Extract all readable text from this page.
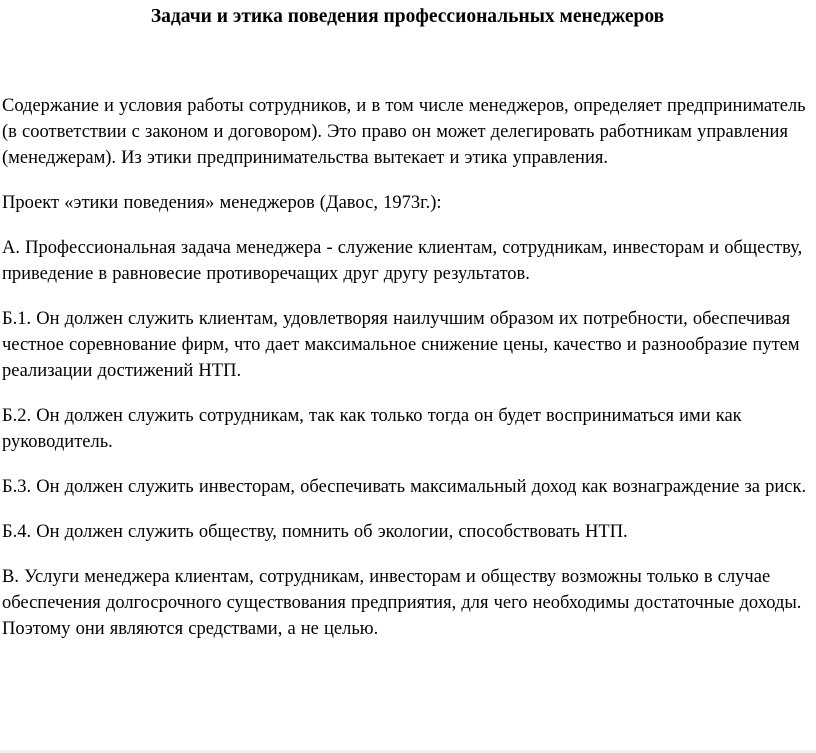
Задачи и этика поведения профессиональных менеджеров

Содержание и условия работы сотрудников, и в том числе менеджеров, определяет предприниматель (в соответствии с законом и договором). Это право он может делегировать работникам управления (менеджерам). Из этики предпринимательства вытекает и этика управления.

Проект «этики поведения» менеджеров (Давос, 1973г.):

А. Профессиональная задача менеджера - служение клиентам, сотрудникам, инвесторам и обществу, приведение в равновесие противоречащих друг другу результатов.

Б.1. Он должен служить клиентам, удовлетворяя наилучшим образом их потребности, обеспечивая честное соревнование фирм, что дает максимальное снижение цены, качество и разнообразие путем реализации достижений НТП.

Б.2. Он должен служить сотрудникам, так как только тогда он будет восприниматься ими как руководитель.

Б.3. Он должен служить инвесторам, обеспечивать максимальный доход как вознаграждение за риск.

Б.4. Он должен служить обществу, помнить об экологии, способствовать НТП.

В. Услуги менеджера клиентам, сотрудникам, инвесторам и обществу возможны только в случае обеспечения долгосрочного существования предприятия, для чего необходимы достаточные доходы. Поэтому они являются средствами, а не целью.
